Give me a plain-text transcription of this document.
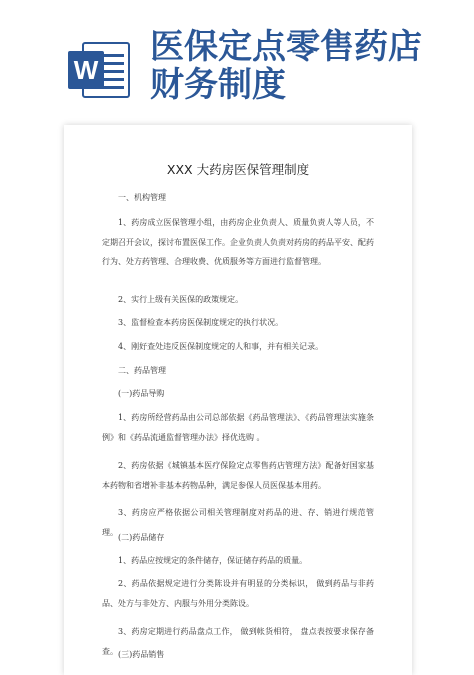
W
医保定点零售药店
财务制度
XXX 大药房医保管理制度

一、机构管理

1、药房成立医保管理小组，由药房企业负责人、质量负责人等人员，不定期召开会议，探讨布置医保工作。企业负责人负责对药房的药品平安、配药行为、处方药管理、合理收费、优质服务等方面进行监督管理。

2、实行上级有关医保的政策规定。

3、监督检查本药房医保制度规定的执行状况。

4、刚好查处违反医保制度规定的人和事，并有相关记录。

二、药品管理

(一)药品导购

1、药房所经营药品由公司总部依据《药品管理法》、《药品管理法实施条例》和《药品流通监督管理办法》择优选购 。

2、药房依据《城镇基本医疗保险定点零售药店管理方法》配备好国家基本药物和省增补非基本药物品种，满足参保人员医保基本用药。

3、药房应严格依据公司相关管理制度对药品的进、存、销进行规范管理。

(二)药品储存

1、药品应按规定的条件储存，保证储存药品的质量。

2、药品依据规定进行分类陈设并有明显的分类标识， 做到药品与非药品、处方与非处方、内服与外用分类陈设。

3、药房定期进行药品盘点工作， 做到帐货相符， 盘点表按要求保存备查。 (三)药品销售
